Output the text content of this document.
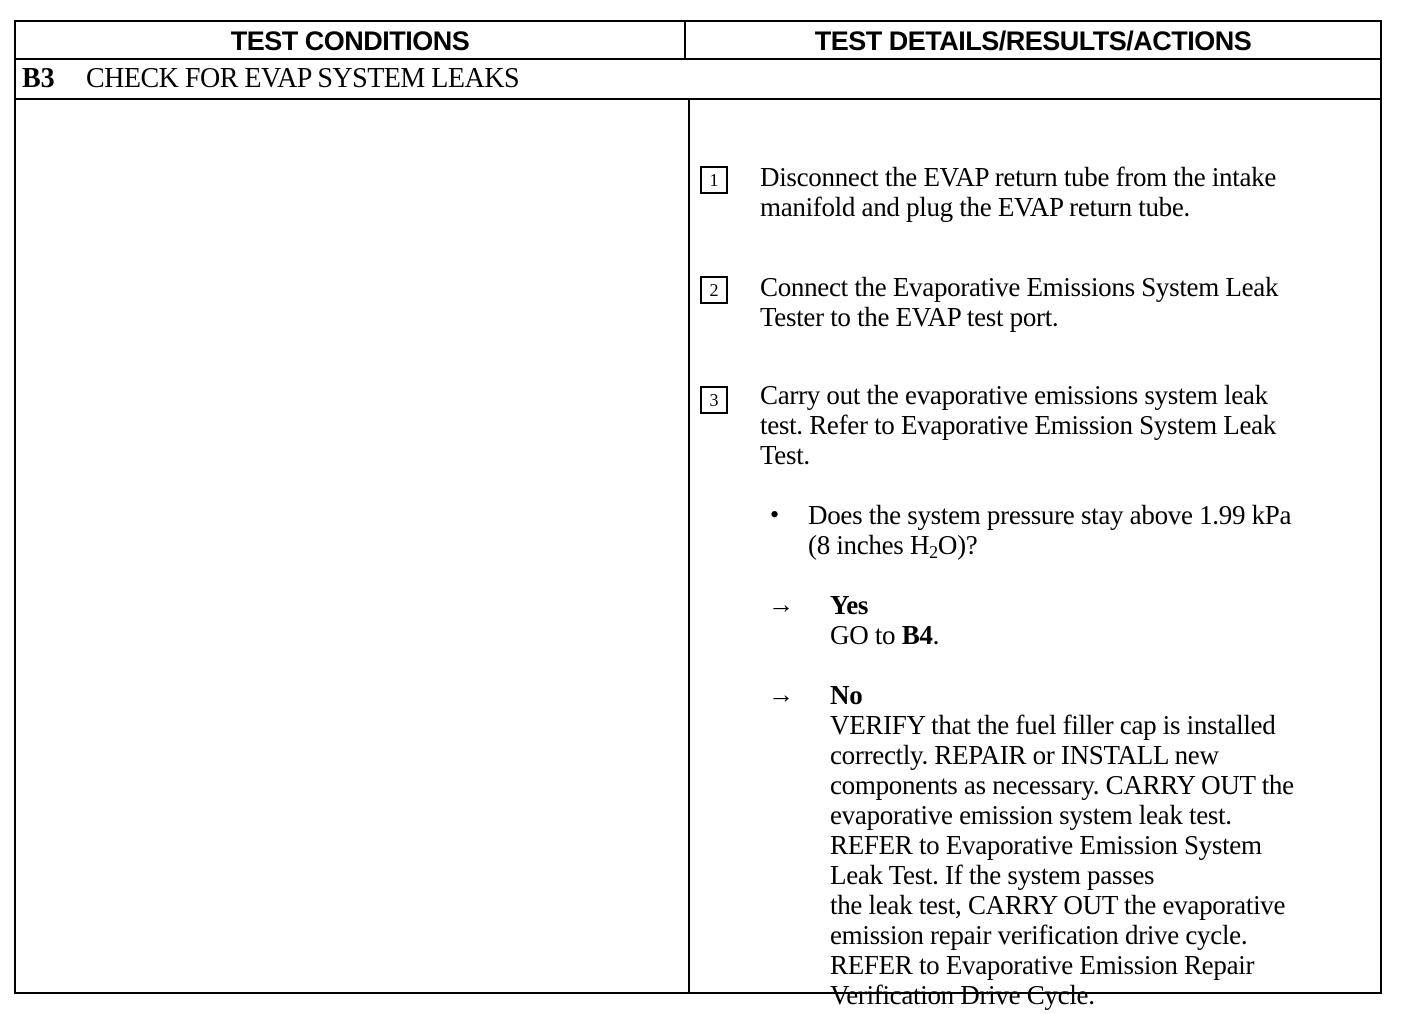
TEST CONDITIONS	TEST DETAILS/RESULTS/ACTIONS
B3 CHECK FOR EVAP SYSTEM LEAKS
1	Disconnect the EVAP return tube from the intake
manifold and plug the EVAP return tube.
2	Connect the Evaporative Emissions System Leak
Tester to the EVAP test port.
3	Carry out the evaporative emissions system leak
test. Refer to Evaporative Emission System Leak
Test.
• Does the system pressure stay above 1.99 kPa
(8 inches $H_2O$)?
→ Yes
GO to B4.
→ No
VERIFY that the fuel filler cap is installed
correctly. REPAIR or INSTALL new
components as necessary. CARRY OUT the
evaporative emission system leak test.
REFER to Evaporative Emission System
Leak Test. If the system passes
the leak test, CARRY OUT the evaporative
emission repair verification drive cycle.
REFER to Evaporative Emission Repair
Verification Drive Cycle.
